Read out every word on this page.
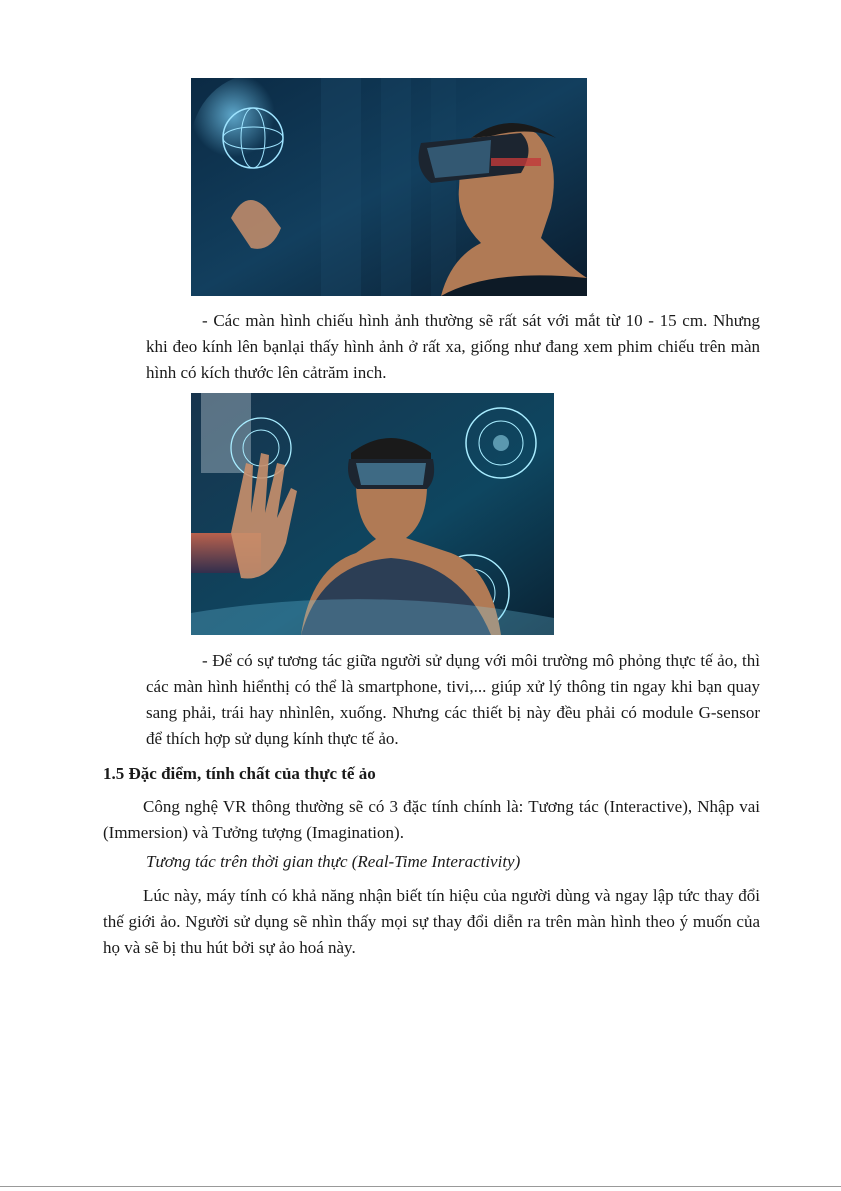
- Các màn hình chiếu hình ảnh thường sẽ rất sát với mắt từ 10 - 15 cm. Nhưng khi đeo kính lên bạnlại thấy hình ảnh ở rất xa, giống như đang xem phim chiếu trên màn hình có kích thước lên cảtrăm inch.

- Để có sự tương tác giữa người sử dụng với môi trường mô phỏng thực tế ảo, thì các màn hình hiểnthị có thể là smartphone, tivi,... giúp xử lý thông tin ngay khi bạn quay sang phải, trái hay nhìnlên, xuống. Nhưng các thiết bị này đều phải có module G-sensor để thích hợp sử dụng kính thực tế ảo.

1.5 Đặc điểm, tính chất của thực tế ảo

Công nghệ VR thông thường sẽ có 3 đặc tính chính là: Tương tác (Interactive), Nhập vai (Immersion) và Tưởng tượng (Imagination).

Tương tác trên thời gian thực (Real-Time Interactivity)

Lúc này, máy tính có khả năng nhận biết tín hiệu của người dùng và ngay lập tức thay đổi thế giới ảo. Người sử dụng sẽ nhìn thấy mọi sự thay đổi diễn ra trên màn hình theo ý muốn của họ và sẽ bị thu hút bởi sự ảo hoá này.
